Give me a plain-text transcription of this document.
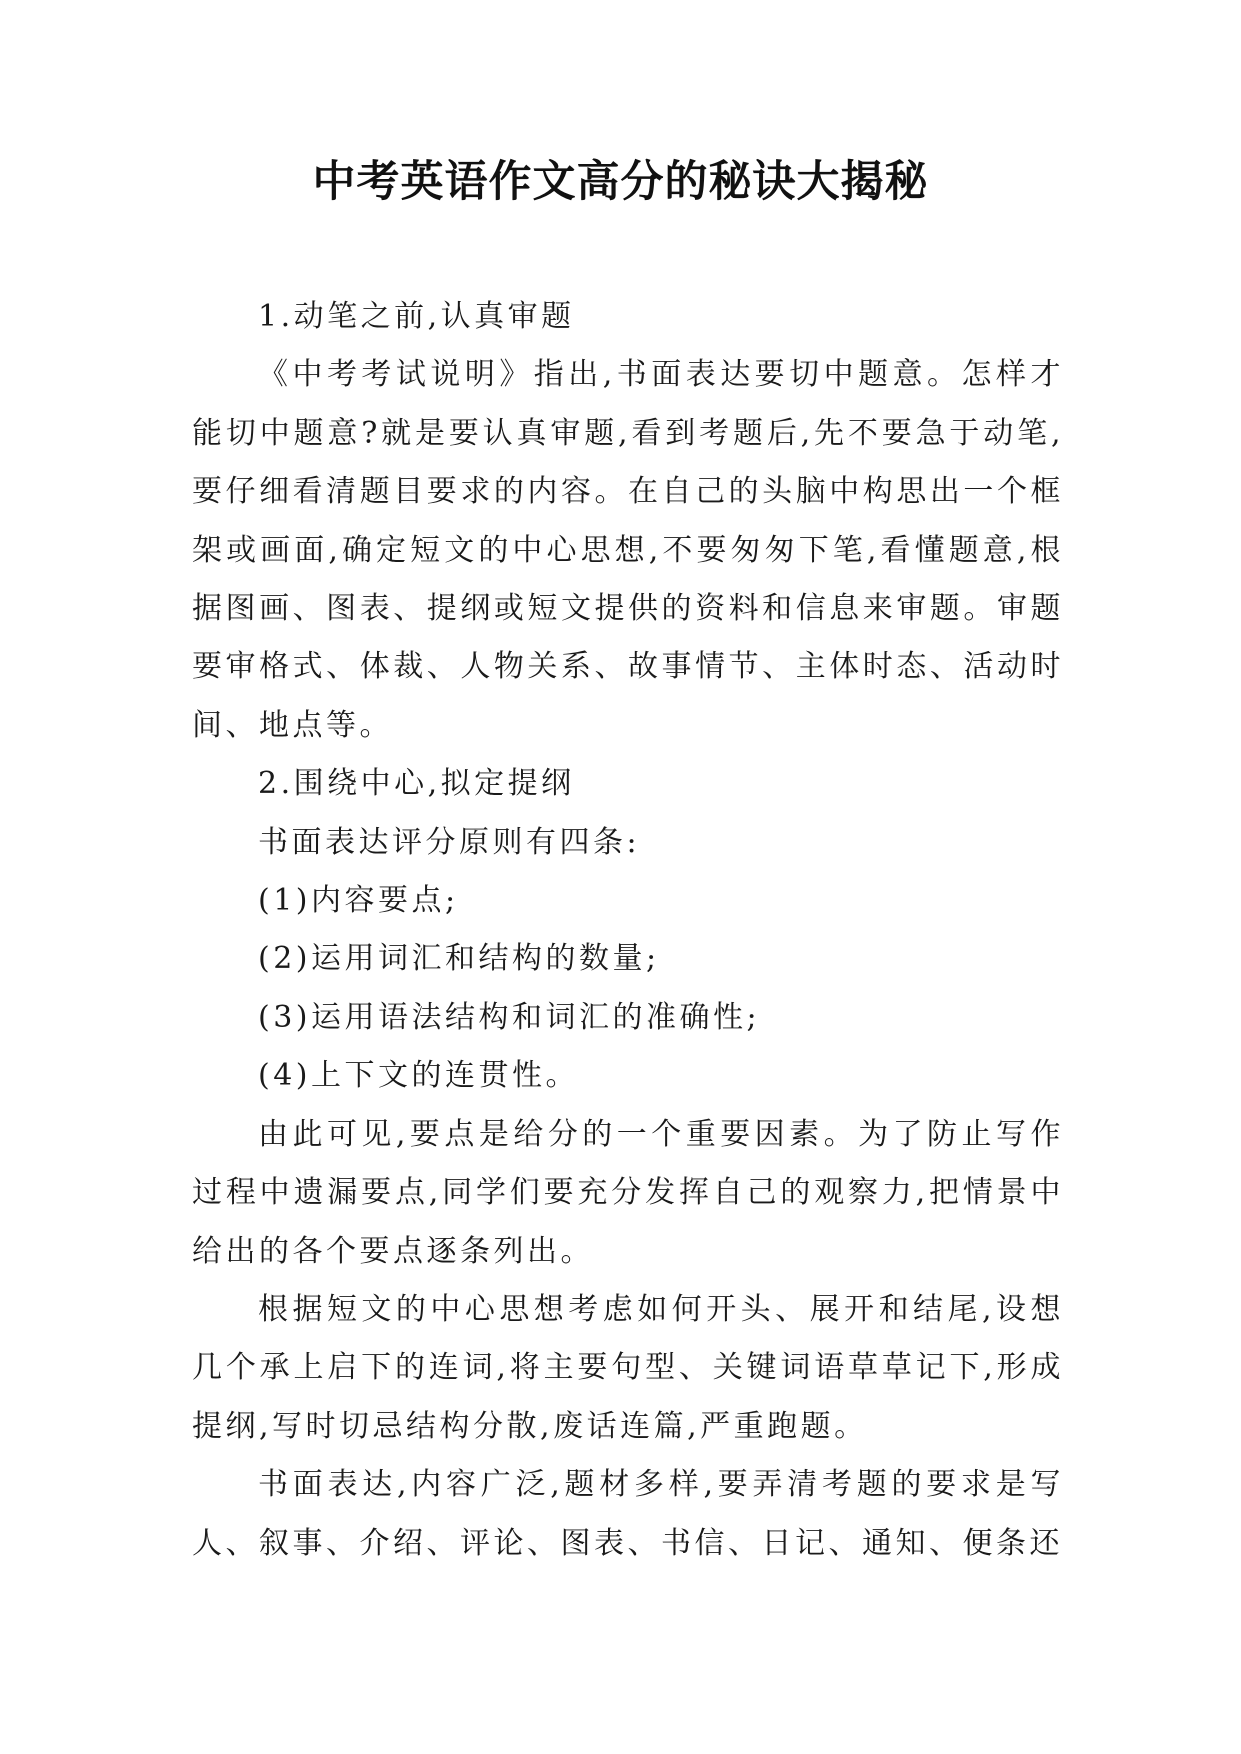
中考英语作文高分的秘诀大揭秘

1.动笔之前,认真审题

《中考考试说明》指出,书面表达要切中题意。怎样才能切中题意?就是要认真审题,看到考题后,先不要急于动笔,要仔细看清题目要求的内容。在自己的头脑中构思出一个框架或画面,确定短文的中心思想,不要匆匆下笔,看懂题意,根据图画、图表、提纲或短文提供的资料和信息来审题。审题要审格式、体裁、人物关系、故事情节、主体时态、活动时间、地点等。

2.围绕中心,拟定提纲

书面表达评分原则有四条:

(1)内容要点;

(2)运用词汇和结构的数量;

(3)运用语法结构和词汇的准确性;

(4)上下文的连贯性。

由此可见,要点是给分的一个重要因素。为了防止写作过程中遗漏要点,同学们要充分发挥自己的观察力,把情景中给出的各个要点逐条列出。

根据短文的中心思想考虑如何开头、展开和结尾,设想几个承上启下的连词,将主要句型、关键词语草草记下,形成提纲,写时切忌结构分散,废话连篇,严重跑题。

书面表达,内容广泛,题材多样,要弄清考题的要求是写人、叙事、介绍、评论、图表、书信、日记、通知、便条还
